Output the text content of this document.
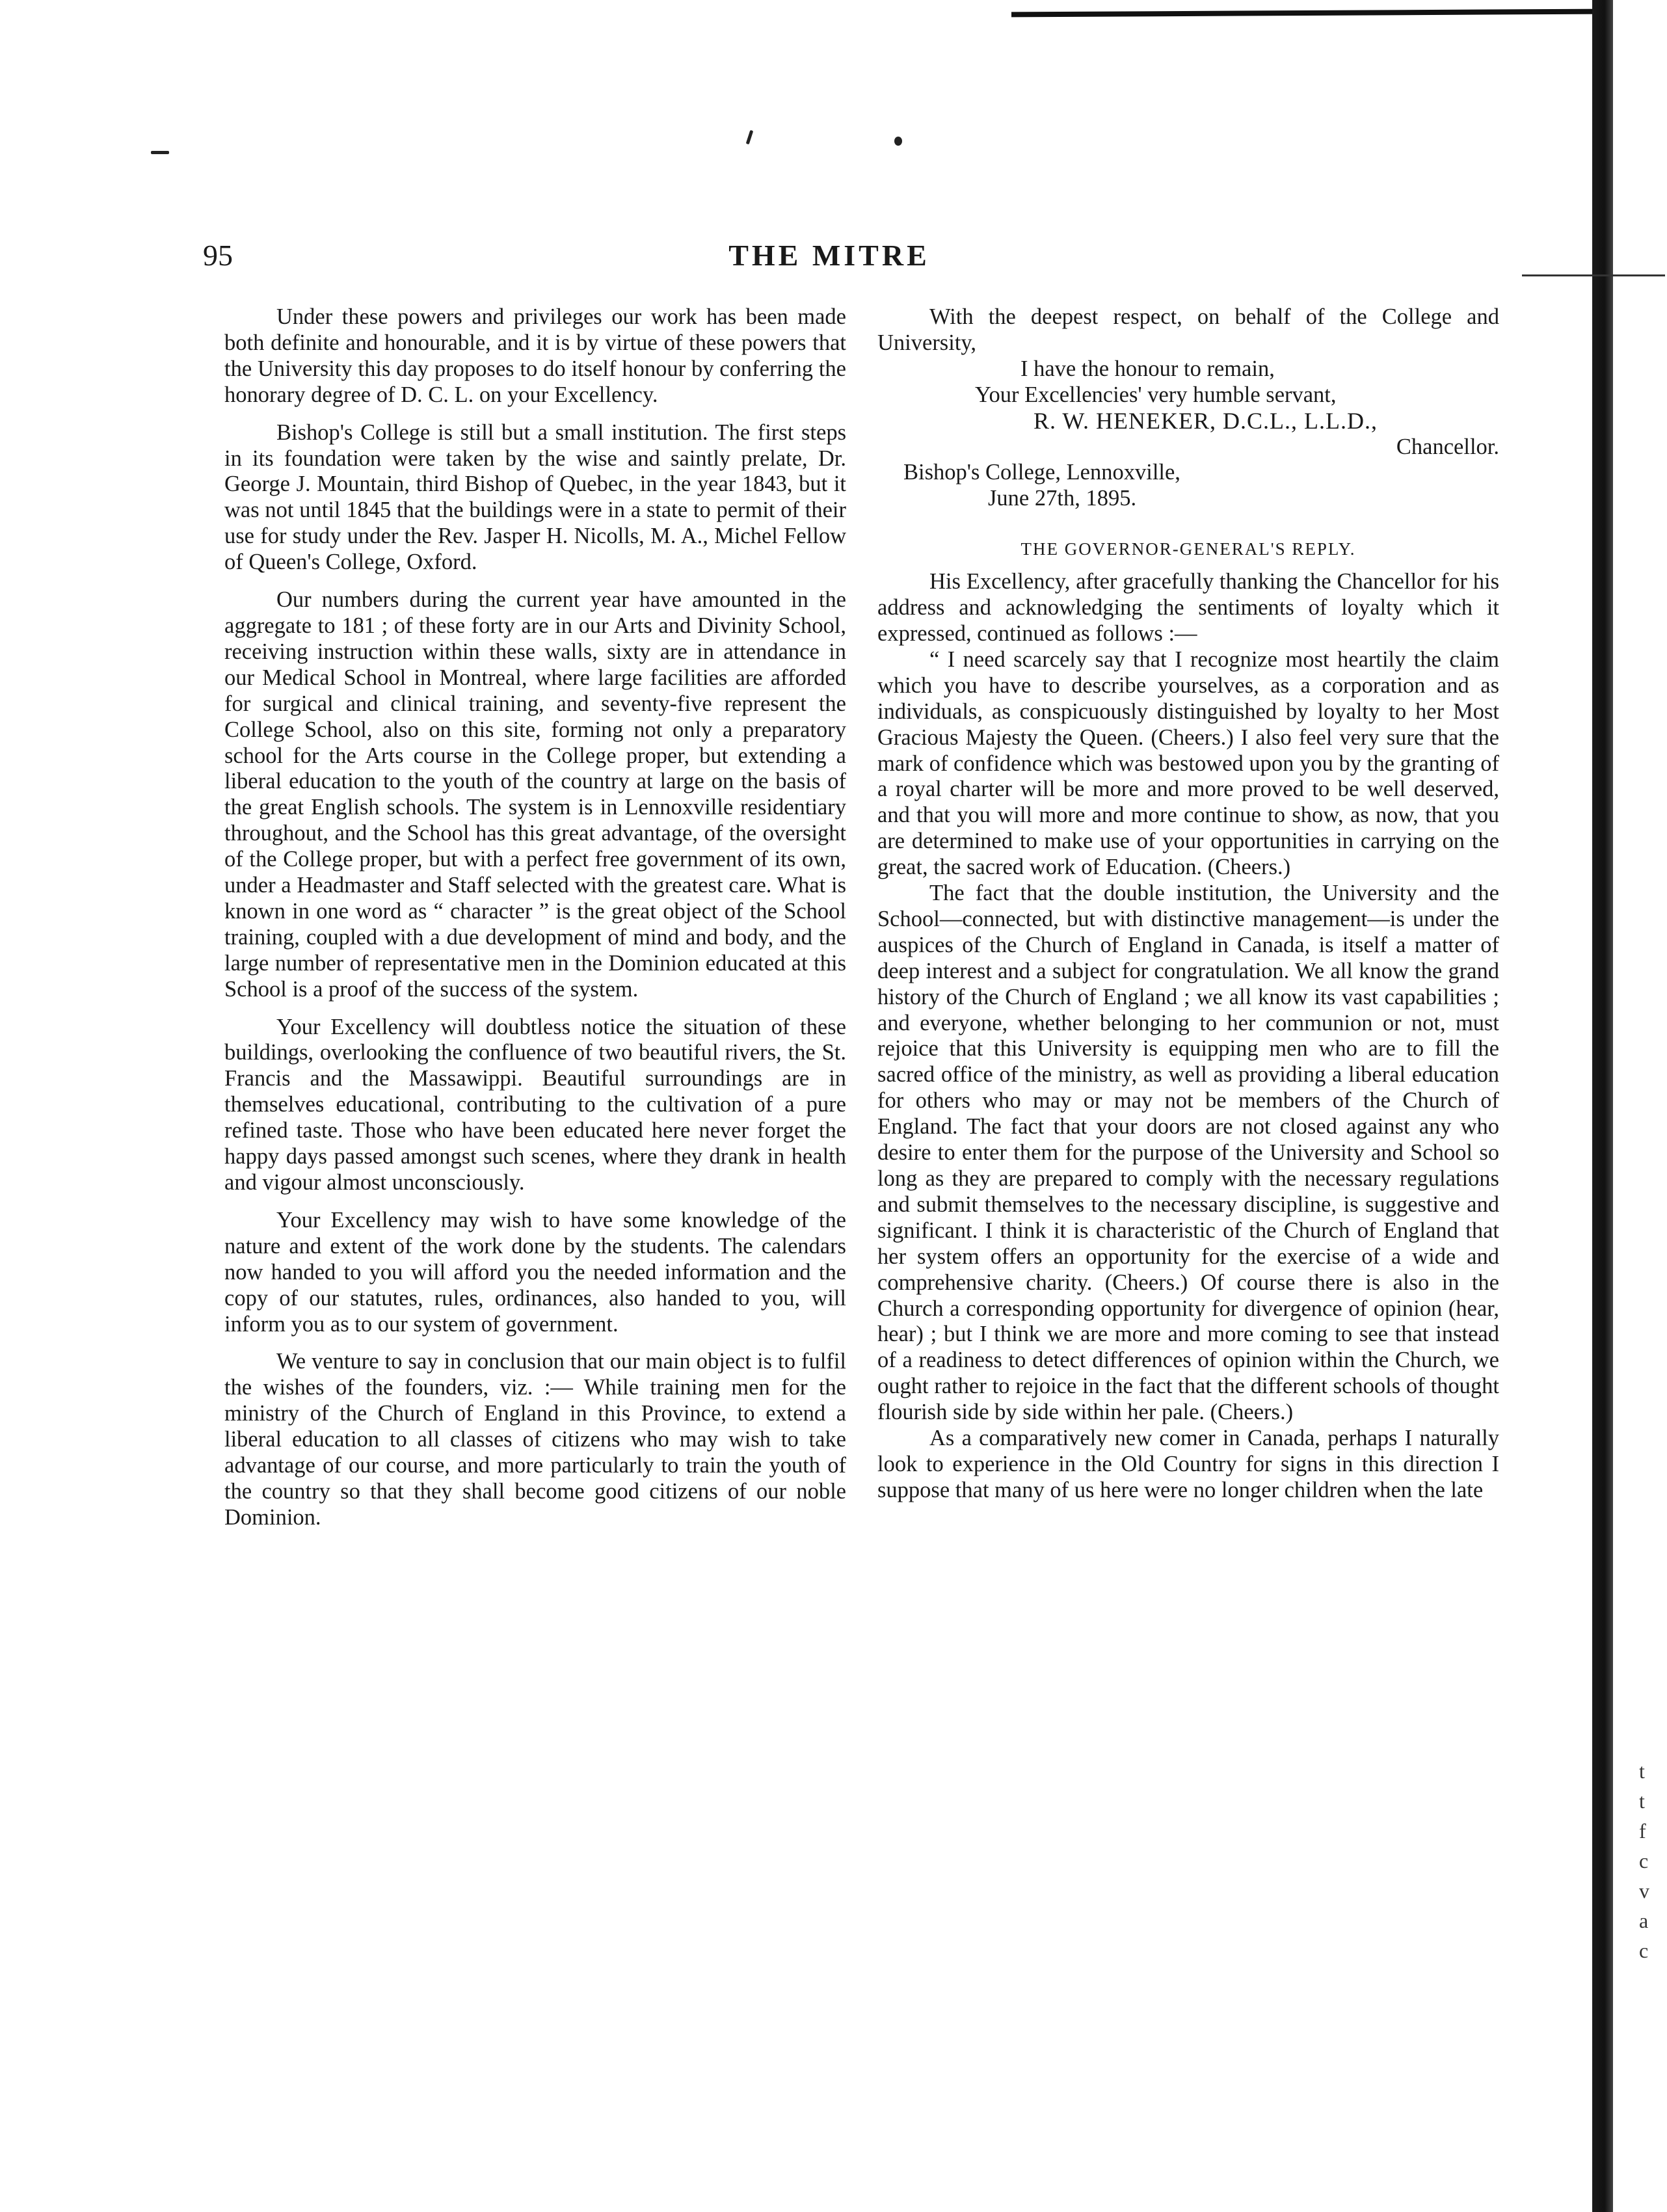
95	THE MITRE

Under these powers and privileges our work has been made both definite and honourable, and it is by virtue of these powers that the University this day proposes to do itself honour by conferring the honorary degree of D. C. L. on your Excellency.

Bishop's College is still but a small institution. The first steps in its foundation were taken by the wise and saintly prelate, Dr. George J. Mountain, third Bishop of Quebec, in the year 1843, but it was not until 1845 that the buildings were in a state to permit of their use for study under the Rev. Jasper H. Nicolls, M. A., Michel Fellow of Queen's College, Oxford.

Our numbers during the current year have amounted in the aggregate to 181 ; of these forty are in our Arts and Divinity School, receiving instruction within these walls, sixty are in attendance in our Medical School in Montreal, where large facilities are afforded for surgical and clinical training, and seventy-five represent the College School, also on this site, forming not only a preparatory school for the Arts course in the College proper, but extending a liberal education to the youth of the country at large on the basis of the great English schools. The system is in Lennoxville residentiary throughout, and the School has this great advantage, of the oversight of the College proper, but with a perfect free government of its own, under a Headmaster and Staff selected with the greatest care. What is known in one word as “ character ” is the great object of the School training, coupled with a due development of mind and body, and the large number of representative men in the Dominion educated at this School is a proof of the success of the system.

Your Excellency will doubtless notice the situation of these buildings, overlooking the confluence of two beautiful rivers, the St. Francis and the Massawippi. Beautiful surroundings are in themselves educational, contributing to the cultivation of a pure refined taste. Those who have been educated here never forget the happy days passed amongst such scenes, where they drank in health and vigour almost unconsciously.

Your Excellency may wish to have some knowledge of the nature and extent of the work done by the students. The calendars now handed to you will afford you the needed information and the copy of our statutes, rules, ordinances, also handed to you, will inform you as to our system of government.

We venture to say in conclusion that our main object is to fulfil the wishes of the founders, viz. :— While training men for the ministry of the Church of England in this Province, to extend a liberal education to all classes of citizens who may wish to take advantage of our course, and more particularly to train the youth of the country so that they shall become good citizens of our noble Dominion.

With the deepest respect, on behalf of the College and University,

I have the honour to remain,
Your Excellencies' very humble servant,
R. W. HENEKER, D.C.L., L.L.D.,
Chancellor.
Bishop's College, Lennoxville,
June 27th, 1895.

THE GOVERNOR-GENERAL'S REPLY.

His Excellency, after gracefully thanking the Chancellor for his address and acknowledging the sentiments of loyalty which it expressed, continued as follows :—

“ I need scarcely say that I recognize most heartily the claim which you have to describe yourselves, as a corporation and as individuals, as conspicuously distinguished by loyalty to her Most Gracious Majesty the Queen. (Cheers.) I also feel very sure that the mark of confidence which was bestowed upon you by the granting of a royal charter will be more and more proved to be well deserved, and that you will more and more continue to show, as now, that you are determined to make use of your opportunities in carrying on the great, the sacred work of Education. (Cheers.)

The fact that the double institution, the University and the School—connected, but with distinctive management—is under the auspices of the Church of England in Canada, is itself a matter of deep interest and a subject for congratulation. We all know the grand history of the Church of England ; we all know its vast capabilities ; and everyone, whether belonging to her communion or not, must rejoice that this University is equipping men who are to fill the sacred office of the ministry, as well as providing a liberal education for others who may or may not be members of the Church of England. The fact that your doors are not closed against any who desire to enter them for the purpose of the University and School so long as they are prepared to comply with the necessary regulations and submit themselves to the necessary discipline, is suggestive and significant. I think it is characteristic of the Church of England that her system offers an opportunity for the exercise of a wide and comprehensive charity. (Cheers.) Of course there is also in the Church a corresponding opportunity for divergence of opinion (hear, hear) ; but I think we are more and more coming to see that instead of a readiness to detect differences of opinion within the Church, we ought rather to rejoice in the fact that the different schools of thought flourish side by side within her pale. (Cheers.)

As a comparatively new comer in Canada, perhaps I naturally look to experience in the Old Country for signs in this direction I suppose that many of us here were no longer children when the late

t
t
f
c
v
a
c
